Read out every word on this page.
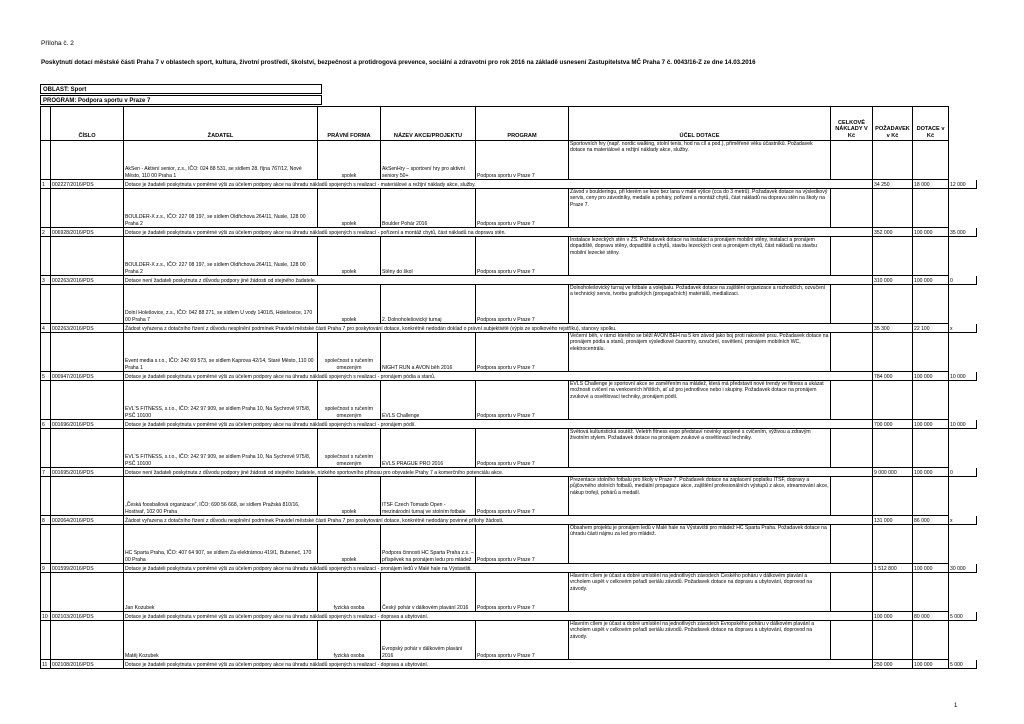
Příloha č. 2
Poskytnutí dotací městské části Praha 7 v oblastech sport, kultura, životní prostředí, školství, bezpečnost a protidrogová prevence, sociální a zdravotní pro rok 2016 na základě usnesení Zastupitelstva MČ Praha 7 č. 0043/16-Z ze dne 14.03.2016
OBLAST: Sport
PROGRAM: Podpora sportu v Praze 7
	ČÍSLO	ŽADATEL	PRÁVNÍ FORMA	NÁZEV AKCE/PROJEKTU	PROGRAM	ÚČEL DOTACE	CELKOVÉ NÁKLADY V Kč	POŽADAVEK v Kč	DOTACE v Kč	
		AkSen - Aktivní senior, z.s., IČO: 024 88 531, se sídlem 28. října 767/12, Nové Město, 110 00 Praha 1	spolek	AkSenHry – sportovní hry pro aktivní seniory 50+	Podpora sportu v Praze 7	Sportovních hry (např. nordic walking, stolní tenis, hod na cíl a pod.), přiměřené věku účastníků. Požadavek dotace na materiálové a režijní náklady akce, služby.				
1	002227/2016/PDS	Dotace je žadateli poskytnuta v poměrné výši za účelem podpory akce na úhradu nákladů spojených s realizací - materiálové a režijní náklady akce, služby.						34 250	18 000	12 000
		BOULDER-X z.s., IČO: 227 08 197, se sídlem Oldřichova 264/11, Nusle, 128 00 Praha 2	spolek	Boulder Pohár 2016	Podpora sportu v Praze 7	Závod v boulderingu, při kterém se leze bez lana v malé výšce (cca do 3 metrů). Požadavek dotace na výsledkový servis, ceny pro závodníky, medaile a poháry, pořízení a montáž chytů, část nákladů na dopravu stěn na školy na Praze 7.				
2	006928/2016/PDS	Dotace je žadateli poskytnuta v poměrné výši za účelem podpory akce na úhradu nákladů spojených s realizací - pořízení a montáž chytů, část nákladů na dopravu stěn.						352 000	100 000	35 000
		BOULDER-X z.s., IČO: 227 08 197, se sídlem Oldřichova 264/11, Nusle, 128 00 Praha 2	spolek	Stěny do škol	Podpora sportu v Praze 7	Instalace lezeckých stěn v ZŠ. Požadavek dotace na instalaci a pronájem mobilní stěny, instalaci a pronájem dopadiště, dopravu stěny, dopadiště a chytů, stavbu lezeckých cest a pronájem chytů, část nákladů na stavbu mobilní lezecké stěny.				
3	002263/2016/PDS	Dotace není žadateli poskytnuta z důvodu podpory jiné žádosti od stejného žadatele.						310 000	100 000	0
		Dolní Holešovice, z.s., IČO: 042 88 271, se sídlem U vody 1401/5, Holešovice, 170 00 Praha 7	spolek	2. Dolnoholešovický turnaj	Podpora sportu v Praze 7	Dolnoholešovický turnaj ve fotbale a volejbalu. Požadavek dotace na zajištění organizace a rozhodčích, ozvučení a technický servis, tvorbu grafických (propagačních) materiálů, medializaci.				
4	002263/2016/PDS	Žádost vyřazena z dotačního řízení z důvodu nesplnění podmínek Pravidel městské části Praha 7 pro poskytování dotace, konkrétně nedodán doklad o právní subjektivitě (výpis ze spolkového rejstříku), stanovy spolku.						35 300	22 100	x
		Event media s.r.o., IČO: 242 69 573, se sídlem Kaprova 42/14, Staré Město, 110 00 Praha 1	společnost s ručením omezeným	NIGHT RUN a AVON běh 2016	Podpora sportu v Praze 7	Večerní běh, v rámci kterého se běží AVON BĚH na 5 km závod jako boj proti rakovině prsu. Požadavek dotace na pronájem pódia a stanů, pronájem výsledkové časomíry, ozvučení, osvětlení, pronájem mobilních WC, elektrocentrálu.				
5	000947/2016/PDS	Dotace je žadateli poskytnuta v poměrné výši za účelem podpory akce na úhradu nákladů spojených s realizací - pronájem pódia a stanů.						784 000	100 000	10 000
		EVL'S FITNESS, s.r.o., IČO: 242 97 909, se sídlem Praha 10, Na Sychrově 975/8, PSČ 10100	společnost s ručením omezeným	EVLS Challenge	Podpora sportu v Praze 7	EVLS Challenge je sportovní akce se zaměřením na mládež, která má představit nové trendy ve fitness a ukázat možnosti cvičení na venkovních hřištích, ať už pro jednotlivce nebo i skupiny. Požadavek dotace na pronájem zvukové a osvětlovací techniky, pronájem pódií.				
6	001696/2016/PDS	Dotace je žadateli poskytnuta v poměrné výši za účelem podpory akce na úhradu nákladů spojených s realizací - pronájem pódií.						700 000	100 000	10 000
		EVL'S FITNESS, s.r.o., IČO: 242 97 909, se sídlem Praha 10, Na Sychrově 975/8, PSČ 10100	společnost s ručením omezeným	EVLS PRAGUE PRO 2016	Podpora sportu v Praze 7	Světová kulturistická soutěž. Veletrh fitness expo představí novinky spojené s cvičením, výživou a zdravým životním stylem. Požadavek dotace na pronájem zvukové a osvětlovací techniky.				
7	001695/2016/PDS	Dotace není žadateli poskytnuta z důvodu podpory jiné žádosti od stejného žadatele, nízkého sportovního přínosu pro obyvatele Prahy 7 a komerčního potenciálu akce.						9 000 000	100 000	0
		„Česká foosballová organizace", IČO: 690 56 668, se sídlem Pražská 810/16, Hostivař, 102 00 Praha	spolek	ITSF Czech Tornado Open - mezinárodní turnaj ve stolním fotbale	Podpora sportu v Praze 7	Prezentace stolního fotbalu pro školy v Praze 7. Požadavek dotace na zaplacení poplatku ITSF, dopravy a půjčovného stolních fotbalů, mediální propagace akce, zajištění profesionálních výstupů z akce, streamování akce, nákup trofejí, pohárů a medailí.				
8	002064/2016/PDS	Žádost vyřazena z dotačního řízení z důvodu nesplnění podmínek Pravidel městské části Praha 7 pro poskytování dotace, konkrétně nedodány povinné přílohy žádosti.						131 000	86 000	x
		HC Sparta Praha, IČO: 407 64 907, se sídlem Za elektrárnou 419/1, Bubeneč, 170 00 Praha	spolek	Podpora činnosti HC Sparta Praha z.s. – příspěvek na pronájem ledu pro mládež	Podpora sportu v Praze 7	Obsahem projektu je pronájem ledů v Malé hale na Výstavišti pro mládež HC Sparta Praha. Požadavek dotace na úhradu části nájmu za led pro mládež.				
9	001599/2016/PDS	Dotace je žadateli poskytnuta v poměrné výši za účelem podpory akce na úhradu nákladů spojených s realizací - pronájem ledů v Malé hale na Výstavišti.						1 512 800	100 000	30 000
		Jan Kozubek	fyzická osoba	Český pohár v dálkovém plavání 2016	Podpora sportu v Praze 7	Hlavním cílem je účast a dobré umístění na jednotlivých závodech Českého poháru v dálkovém plavání a vrcholem uspět v celkovém pořadí seriálu závodů. Požadavek dotace na dopravu a ubytování, doprovod na závody.				
10	002103/2016/PDS	Dotace je žadateli poskytnuta v poměrné výši za účelem podpory akce na úhradu nákladů spojených s realizací - doprava a ubytování.						100 000	80 000	5 000
		Matěj Kozubek	fyzická osoba	Evropský pohár v dálkovém plavání 2016	Podpora sportu v Praze 7	Hlavním cílem je účast a dobré umístění na jednotlivých závodech Evropského poháru v dálkovém plavání a vrcholem uspět v celkovém pořadí seriálu závodů. Požadavek dotace na dopravu a ubytování, doprovod na závody.				
11	002108/2016/PDS	Dotace je žadateli poskytnuta v poměrné výši za účelem podpory akce na úhradu nákladů spojených s realizací - doprava a ubytování.						250 000	100 000	5 000
1
